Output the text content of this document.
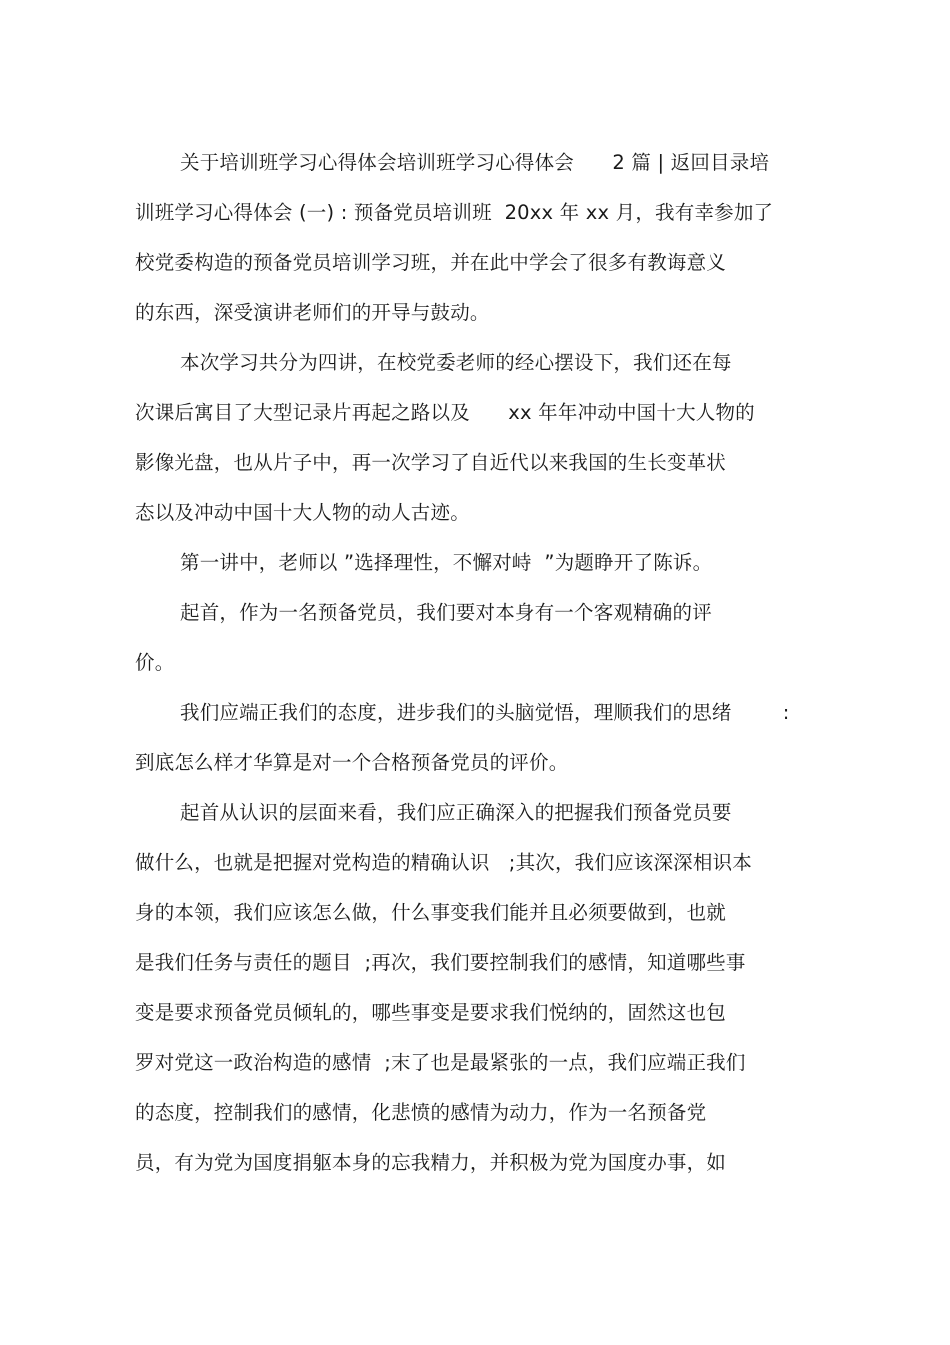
关于培训班学习心得体会培训班学习心得体会      2 篇 | 返回目录培
训班学习心得体会 (一) : 预备党员培训班  20xx 年 xx 月，我有幸参加了
校党委构造的预备党员培训学习班，并在此中学会了很多有教诲意义
的东西，深受演讲老师们的开导与鼓动。
本次学习共分为四讲，在校党委老师的经心摆设下，我们还在每
次课后寓目了大型记录片再起之路以及      xx 年年冲动中国十大人物的
影像光盘，也从片子中，再一次学习了自近代以来我国的生长变革状
态以及冲动中国十大人物的动人古迹。
第一讲中，老师以 ”选择理性，不懈对峙  ”为题睁开了陈诉。
起首，作为一名预备党员，我们要对本身有一个客观精确的评
价。
我们应端正我们的态度，进步我们的头脑觉悟，理顺我们的思绪        :
到底怎么样才华算是对一个合格预备党员的评价。
起首从认识的层面来看，我们应正确深入的把握我们预备党员要
做什么，也就是把握对党构造的精确认识   ;其次，我们应该深深相识本
身的本领，我们应该怎么做，什么事变我们能并且必须要做到，也就
是我们任务与责任的题目  ;再次，我们要控制我们的感情，知道哪些事
变是要求预备党员倾轧的，哪些事变是要求我们悦纳的，固然这也包
罗对党这一政治构造的感情  ;末了也是最紧张的一点，我们应端正我们
的态度，控制我们的感情，化悲愤的感情为动力，作为一名预备党
员，有为党为国度捐躯本身的忘我精力，并积极为党为国度办事，如
